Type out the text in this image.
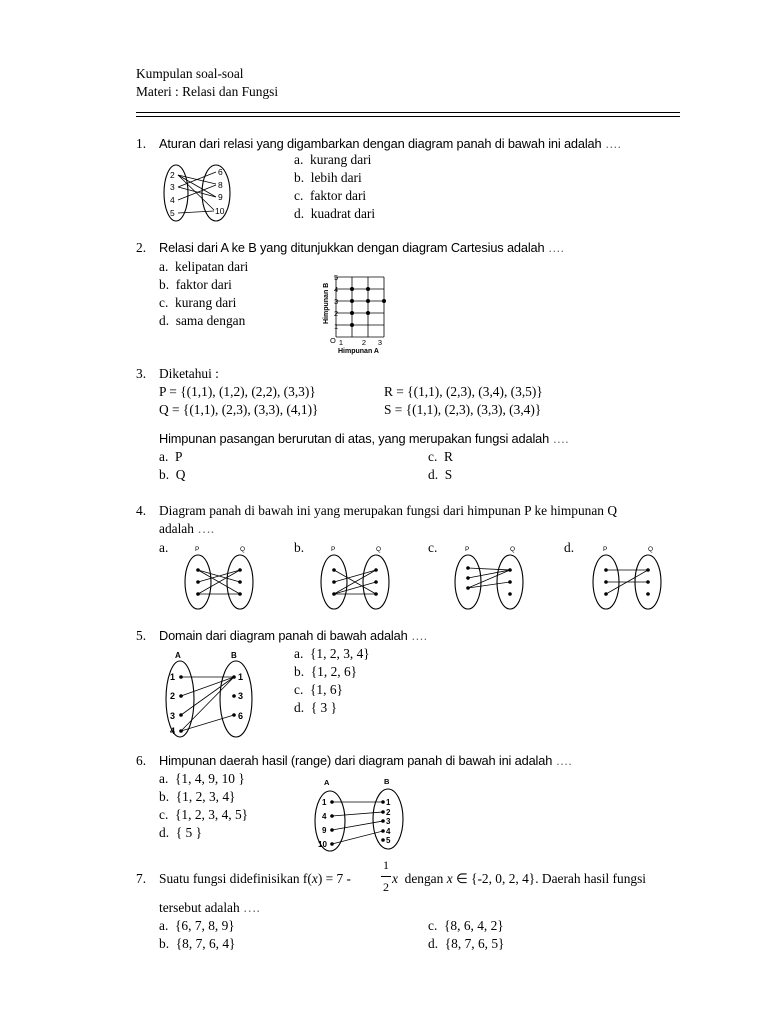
Kumpulan soal-soal
Materi : Relasi dan Fungsi
1. Aturan dari relasi yang digambarkan dengan diagram panah di bawah ini adalah ….
2
3
4
5
6
8
9
10
a. kurang dari
b. lebih dari
c. faktor dari
d. kuadrat dari
2. Relasi dari A ke B yang ditunjukkan dengan diagram Cartesius adalah ….
a. kelipatan dari
b. faktor dari
c. kurang dari
d. sama dengan	Himpunan B
Himpunan A
O 1	2 3
1
2
3
4
5
3. Diketahui :
P = {(1,1), (1,2), (2,2), (3,3)}	R = {(1,1), (2,3), (3,4), (3,5)}
Q = {(1,1), (2,3), (3,3), (4,1)}	S = {(1,1), (2,3), (3,3), (3,4)}
Himpunan pasangan berurutan di atas, yang merupakan fungsi adalah ….
a. P
b. Q
c. R
d. S
4. Diagram panah di bawah ini yang merupakan fungsi dari himpunan P ke himpunan Q
adalah ….
a.	b.	c.	d.
P	Q	P	Q	P	Q	P	Q
5. Domain dari diagram panah di bawah adalah ….
A	B
1
2
3
4
1
3
6
a. {1, 2, 3, 4}
b. {1, 2, 6}
c. {1, 6}
d. { 3 }
6. Himpunan daerah hasil (range) dari diagram panah di bawah ini adalah ….
a. {1, 4, 9, 10 }
b. {1, 2, 3, 4}
c. {1, 2, 3, 4, 5}
d. { 5 }
A	B
1
4
9
10
1
2
3
4
5
7. Suatu fungsi didefinisikan f(x) = 7 -
1
2
x dengan x ∈ {-2, 0, 2, 4}. Daerah hasil fungsi
tersebut adalah ….
a. {6, 7, 8, 9}
b. {8, 7, 6, 4}
c. {8, 6, 4, 2}
d. {8, 7, 6, 5}
